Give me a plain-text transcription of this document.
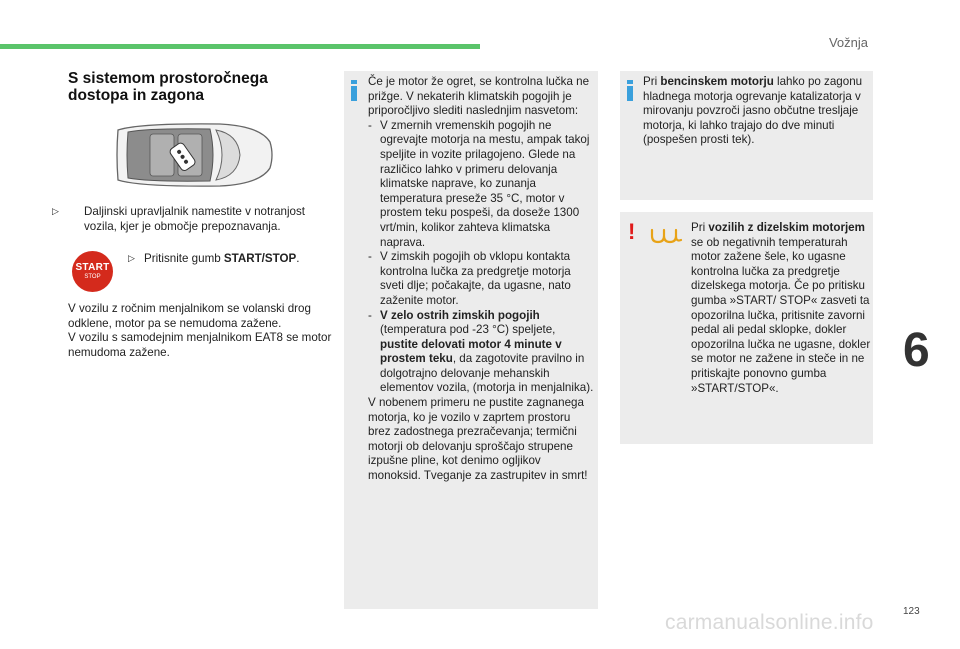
Vožnja
S sistemom prostoročnega
dostopa in zagona
▷ Daljinski upravljalnik namestite v notranjost vozila, kjer je območje prepoznavanja.
START
STOP
▷ Pritisnite gumb START/STOP.
V vozilu z ročnim menjalnikom se volanski drog odklene, motor pa se nemudoma zažene.
V vozilu s samodejnim menjalnikom EAT8 se motor nemudoma zažene.
Če je motor že ogret, se kontrolna lučka ne prižge. V nekaterih klimatskih pogojih je priporočljivo slediti naslednjim nasvetom:
- V zmernih vremenskih pogojih ne ogrevajte motorja na mestu, ampak takoj speljite in vozite prilagojeno. Glede na različico lahko v primeru delovanja klimatske naprave, ko zunanja temperatura preseže 35 °C, motor v prostem teku pospeši, da doseže 1300 vrt/min, kolikor zahteva klimatska naprava.
- V zimskih pogojih ob vklopu kontakta kontrolna lučka za predgretje motorja sveti dlje; počakajte, da ugasne, nato zaženite motor.
- V zelo ostrih zimskih pogojih (temperatura pod -23 °C) speljete, pustite delovati motor 4 minute v prostem teku, da zagotovite pravilno in dolgotrajno delovanje mehanskih elementov vozila, (motorja in menjalnika).
V nobenem primeru ne pustite zagnanega motorja, ko je vozilo v zaprtem prostoru brez zadostnega prezračevanja; termični motorji ob delovanju sproščajo strupene izpušne pline, kot denimo ogljikov monoksid. Tveganje za zastrupitev in smrt!
Pri bencinskem motorju lahko po zagonu hladnega motorja ogrevanje katalizatorja v mirovanju povzroči jasno občutne tresljaje motorja, ki lahko trajajo do dve minuti (pospešen prosti tek).
!	Pri vozilih z dizelskim motorjem se ob negativnih temperaturah motor zažene šele, ko ugasne kontrolna lučka za predgretje dizelskega motorja. Če po pritisku gumba »START/ STOP« zasveti ta opozorilna lučka, pritisnite zavorni pedal ali pedal sklopke, dokler opozorilna lučka ne ugasne, dokler se motor ne zažene in steče in ne pritiskajte ponovno gumba »START/STOP«.
6
123
carmanualsonline.info
